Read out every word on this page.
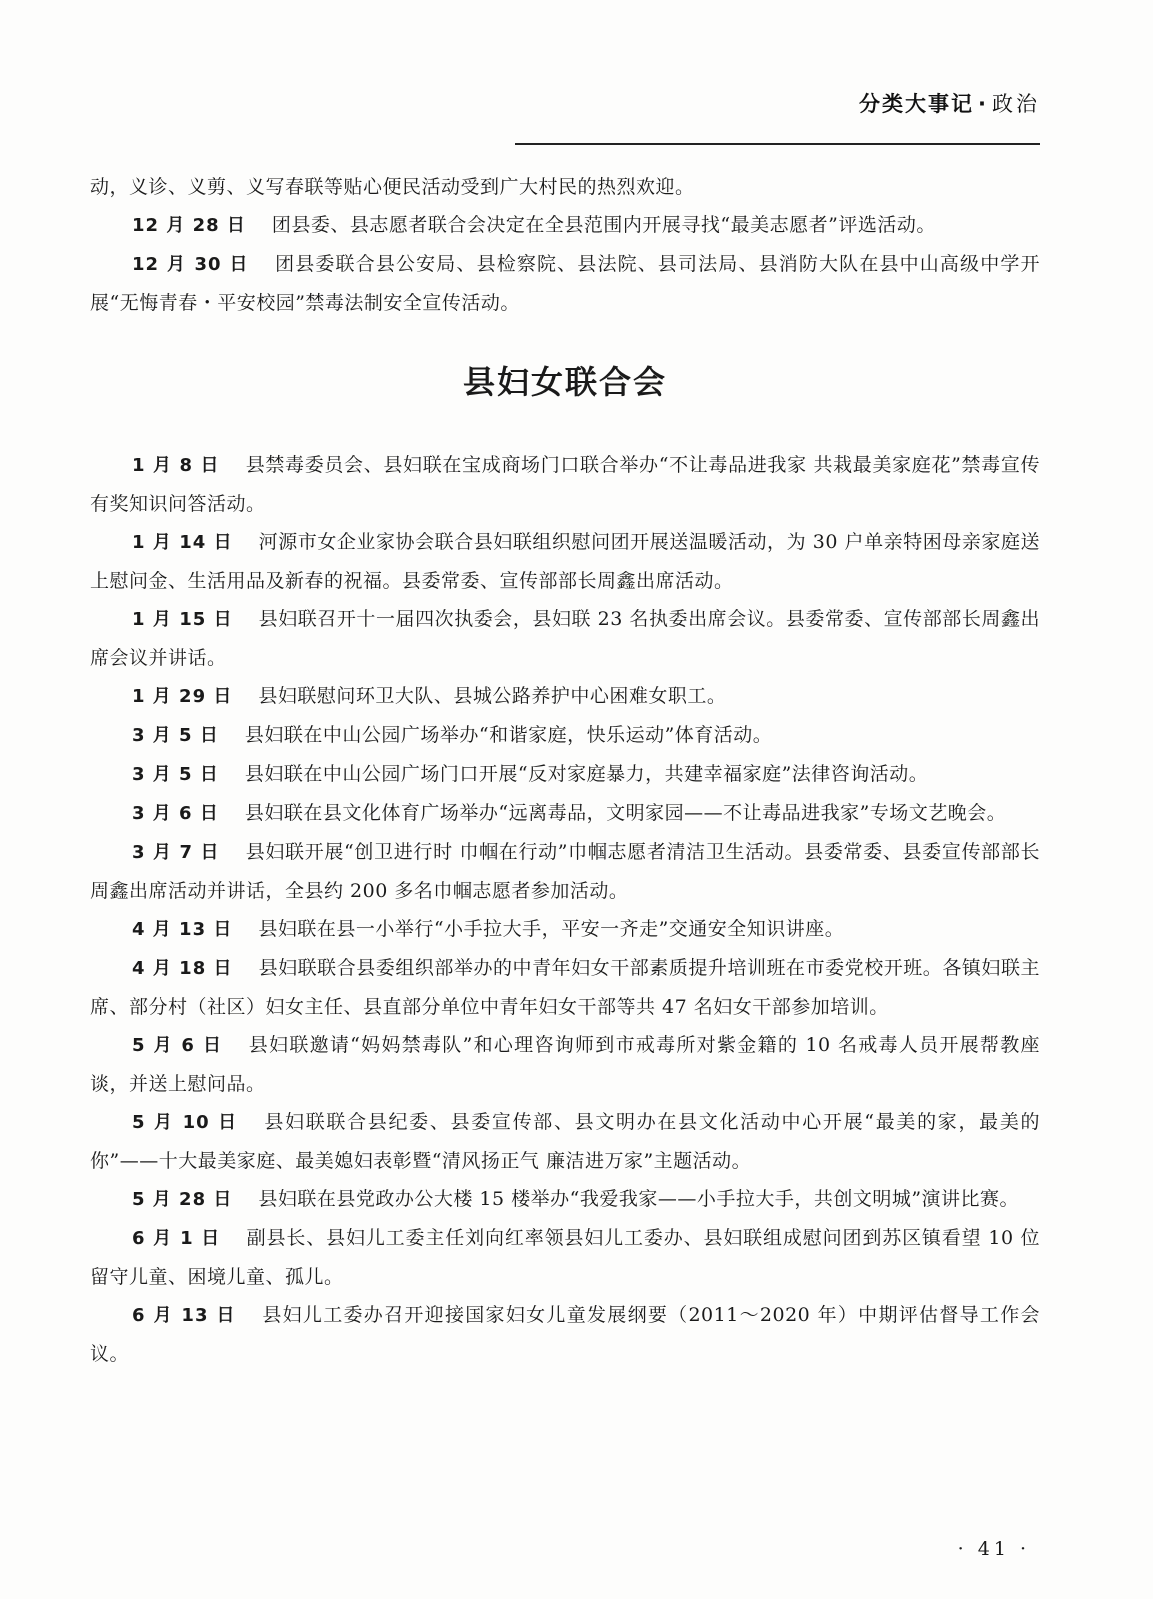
分类大事记 · 政治

动，义诊、义剪、义写春联等贴心便民活动受到广大村民的热烈欢迎。

12 月 28 日 团县委、县志愿者联合会决定在全县范围内开展寻找“最美志愿者”评选活动。

12 月 30 日 团县委联合县公安局、县检察院、县法院、县司法局、县消防大队在县中山高级中学开展“无悔青春・平安校园”禁毒法制安全宣传活动。

县妇女联合会

1 月 8 日 县禁毒委员会、县妇联在宝成商场门口联合举办“不让毒品进我家 共栽最美家庭花”禁毒宣传有奖知识问答活动。

1 月 14 日 河源市女企业家协会联合县妇联组织慰问团开展送温暖活动，为 30 户单亲特困母亲家庭送上慰问金、生活用品及新春的祝福。县委常委、宣传部部长周鑫出席活动。

1 月 15 日 县妇联召开十一届四次执委会，县妇联 23 名执委出席会议。县委常委、宣传部部长周鑫出席会议并讲话。

1 月 29 日 县妇联慰问环卫大队、县城公路养护中心困难女职工。

3 月 5 日 县妇联在中山公园广场举办“和谐家庭，快乐运动”体育活动。

3 月 5 日 县妇联在中山公园广场门口开展“反对家庭暴力，共建幸福家庭”法律咨询活动。

3 月 6 日 县妇联在县文化体育广场举办“远离毒品，文明家园——不让毒品进我家”专场文艺晚会。

3 月 7 日 县妇联开展“创卫进行时 巾帼在行动”巾帼志愿者清洁卫生活动。县委常委、县委宣传部部长周鑫出席活动并讲话，全县约 200 多名巾帼志愿者参加活动。

4 月 13 日 县妇联在县一小举行“小手拉大手，平安一齐走”交通安全知识讲座。

4 月 18 日 县妇联联合县委组织部举办的中青年妇女干部素质提升培训班在市委党校开班。各镇妇联主席、部分村（社区）妇女主任、县直部分单位中青年妇女干部等共 47 名妇女干部参加培训。

5 月 6 日 县妇联邀请“妈妈禁毒队”和心理咨询师到市戒毒所对紫金籍的 10 名戒毒人员开展帮教座谈，并送上慰问品。

5 月 10 日 县妇联联合县纪委、县委宣传部、县文明办在县文化活动中心开展“最美的家，最美的你”——十大最美家庭、最美媳妇表彰暨“清风扬正气 廉洁进万家”主题活动。

5 月 28 日 县妇联在县党政办公大楼 15 楼举办“我爱我家——小手拉大手，共创文明城”演讲比赛。

6 月 1 日 副县长、县妇儿工委主任刘向红率领县妇儿工委办、县妇联组成慰问团到苏区镇看望 10 位留守儿童、困境儿童、孤儿。

6 月 13 日 县妇儿工委办召开迎接国家妇女儿童发展纲要（2011～2020 年）中期评估督导工作会议。

· 41 ·
